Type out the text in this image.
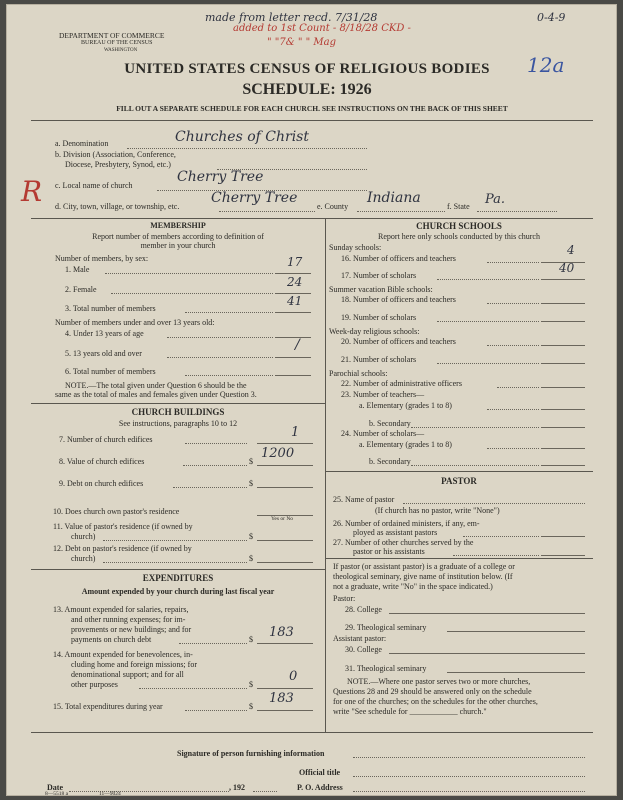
DEPARTMENT OF COMMERCE
BUREAU OF THE CENSUS
WASHINGTON
made from letter recd. 7/31/28
added to 1st Count - 8/18/28 CKD -
" "7& " " Mag
0-4-9
12a
UNITED STATES CENSUS OF RELIGIOUS BODIES
SCHEDULE: 1926
FILL OUT A SEPARATE SCHEDULE FOR EACH CHURCH. SEE INSTRUCTIONS ON THE BACK OF THIS SHEET
a. Denomination	Churches of Christ
b. Division (Association, Conference,
Diocese, Presbytery, Synod, etc.)
c. Local name of church
Cherry Tree
R d. City, town, village, or township, etc.
Cherry Tree
e. County
Indiana
f. State Pa.
MEMBERSHIP
Report number of members according to definition of
member in your church
Number of members, by sex:
1. Male
17
2. Female
24
3. Total number of members
41
Number of members under and over 13 years old:
4. Under 13 years of age
5. 13 years old and over
/
6. Total number of members
NOTE.—The total given under Question 6 should be the
same as the total of males and females given under Question 3.
CHURCH BUILDINGS
See instructions, paragraphs 10 to 12
7. Number of church edifices	1
8. Value of church edifices	$
1200
9. Debt on church edifices	$
10. Does church own pastor's residence
Yes or No
11. Value of pastor's residence (if owned by
church)	$
12. Debt on pastor's residence (if owned by
church)	$
EXPENDITURES
Amount expended by your church during last fiscal year
13. Amount expended for salaries, repairs,
and other running expenses; for im-
provements or new buildings; and for
payments on church debt	$ 183
14. Amount expended for benevolences, in-
cluding home and foreign missions; for
denominational support; and for all
other purposes	$
0
15. Total expenditures during year	$
183
CHURCH SCHOOLS
Report here only schools conducted by this church
Sunday schools:
16. Number of officers and teachers
4
17. Number of scholars
40
Summer vacation Bible schools:
18. Number of officers and teachers
19. Number of scholars
Week-day religious schools:
20. Number of officers and teachers
21. Number of scholars
Parochial schools:
22. Number of administrative officers
23. Number of teachers—
a. Elementary (grades 1 to 8)
b. Secondary
24. Number of scholars—
a. Elementary (grades 1 to 8)
b. Secondary
PASTOR
25. Name of pastor
(If church has no pastor, write "None")
26. Number of ordained ministers, if any, em-
ployed as assistant pastors
27. Number of other churches served by the
pastor or his assistants
If pastor (or assistant pastor) is a graduate of a college or
theological seminary, give name of institution below. (If
not a graduate, write "No" in the space indicated.)
Pastor:
28. College
29. Theological seminary
Assistant pastor:
30. College
31. Theological seminary
NOTE.—Where one pastor serves two or more churches,
Questions 28 and 29 should be answered only on the schedule
for one of the churches; on the schedules for the other churches,
write "See schedule for ____________ church."
Signature of person furnishing information
Official title
Date	, 192	P. O. Address
8—5518 a	11—9024
